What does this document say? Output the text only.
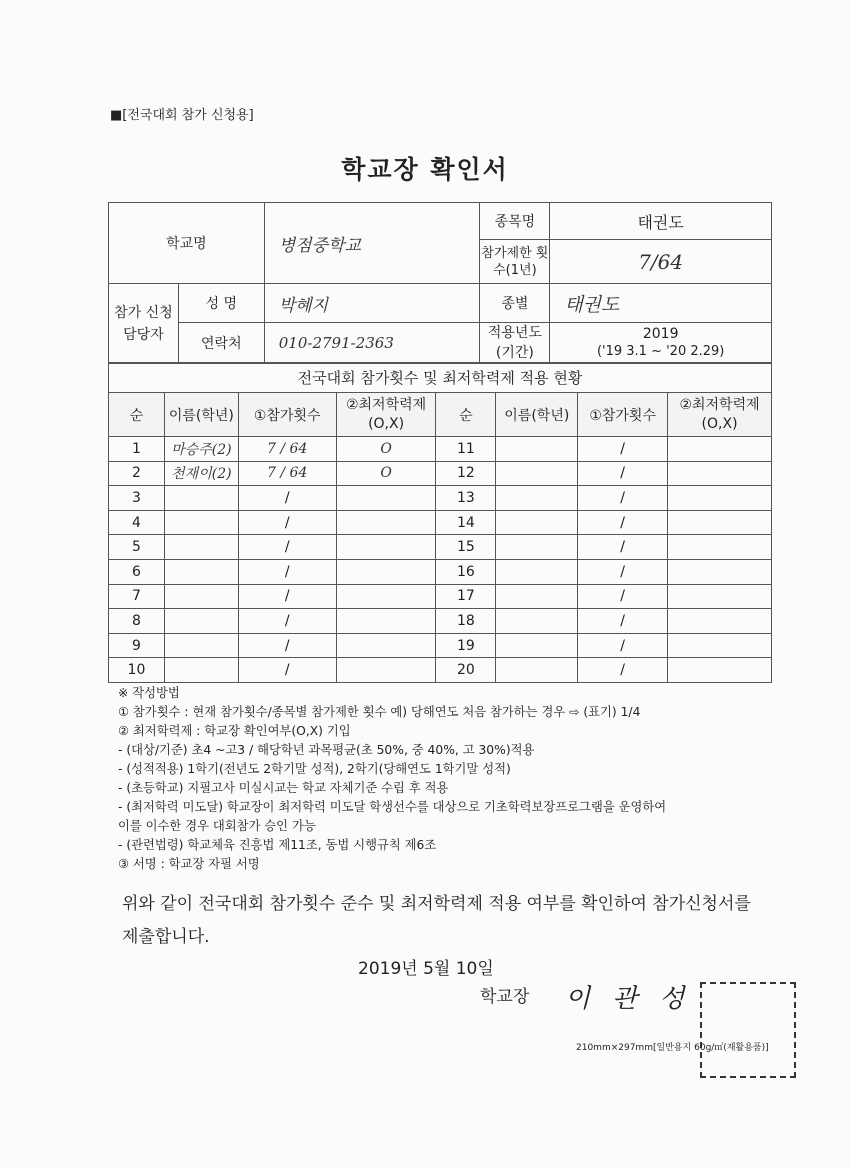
■[전국대회 참가 신청용]
학교장 확인서
학교명		병점중학교	종목명	태권도
			참가제한 횟수(1년)	7/64
참가 신청 담당자	성 명	박혜지	종별	태권도
	연락처	010-2791-2363	적용년도 (기간)	2019
('19 3.1 ~ '20 2.29)
전국대회 참가횟수 및 최저학력제 적용 현황							
순	이름(학년)	①참가횟수	②최저학력제 (O,X)	순	이름(학년)	①참가횟수	②최저학력제 (O,X)
1	마승주(2)	7 / 64	O	11		/	
2	천재이(2)	7 / 64	O	12		/	
3		/		13		/	
4		/		14		/	
5		/		15		/	
6		/		16		/	
7		/		17		/	
8		/		18		/	
9		/		19		/	
10		/		20		/	
※ 작성방법
① 참가횟수 : 현재 참가횟수/종목별 참가제한 횟수 예) 당해연도 처음 참가하는 경우 ⇨ (표기) 1/4
② 최저학력제 : 학교장 확인여부(O,X) 기입
- (대상/기준) 초4 ~고3 / 해당학년 과목평균(초 50%, 중 40%, 고 30%)적용
- (성적적용) 1학기(전년도 2학기말 성적), 2학기(당해연도 1학기말 성적)
- (초등학교) 지필고사 미실시교는 학교 자체기준 수립 후 적용
- (최저학력 미도달) 학교장이 최저학력 미도달 학생선수를 대상으로 기초학력보장프로그램을 운영하여
이를 이수한 경우 대회참가 승인 가능
- (관련법령) 학교체육 진흥법 제11조, 동법 시행규칙 제6조
③ 서명 : 학교장 자필 서명
위와 같이 전국대회 참가횟수 준수 및 최저학력제 적용 여부를 확인하여 참가신청서를 제출합니다.
2019년 5월 10일
학교장 이관성
210mm×297mm[일반용지 60g/㎡(재활용품)]
